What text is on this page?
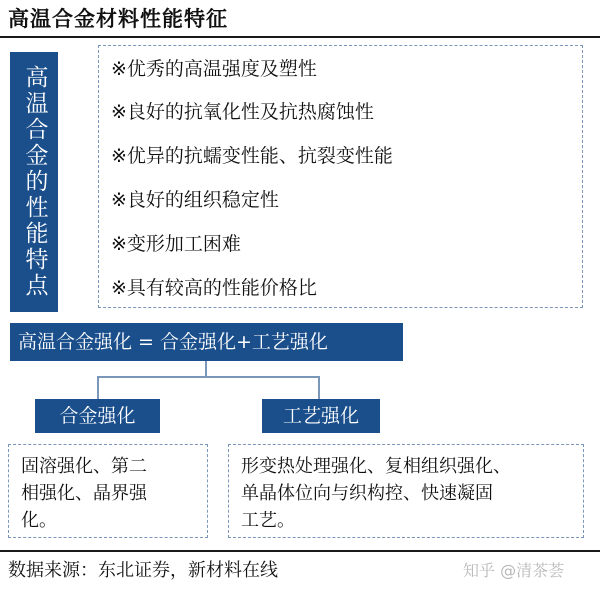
高温合金材料性能特征
高温合金的性能特点	※优秀的高温强度及塑性
※良好的抗氧化性及抗热腐蚀性
※优异的抗蠕变性能、抗裂变性能
※良好的组织稳定性
※变形加工困难
※具有较高的性能价格比
高温合金强化 = 合金强化+工艺强化
合金强化	工艺强化
固溶强化、第二
相强化、晶界强
化。
形变热处理强化、复相组织强化、
单晶体位向与织构控、快速凝固
工艺。
数据来源：东北证券，新材料在线	知乎 @清茶荟
